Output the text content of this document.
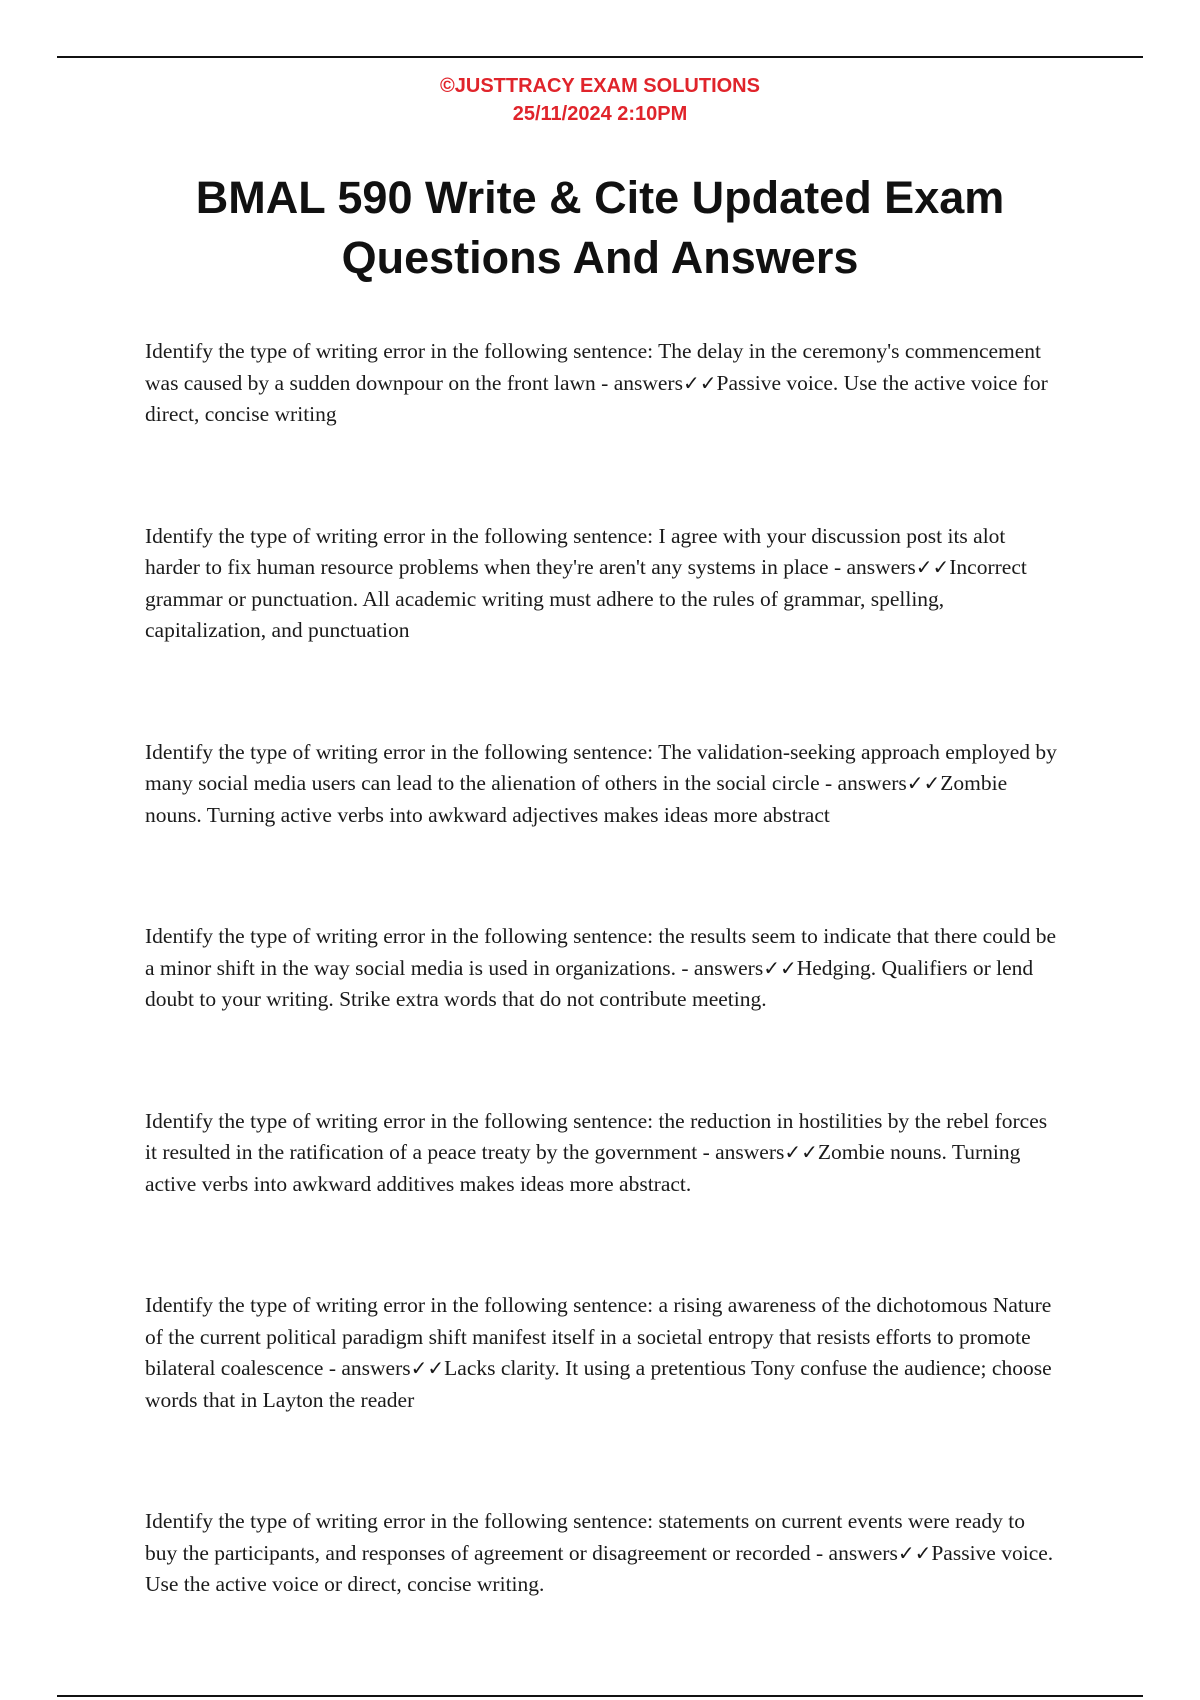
©JUSTTRACY EXAM SOLUTIONS
25/11/2024 2:10PM
BMAL 590 Write & Cite Updated Exam Questions And Answers

Identify the type of writing error in the following sentence: The delay in the ceremony's commencement was caused by a sudden downpour on the front lawn - answers✓✓Passive voice. Use the active voice for direct, concise writing

Identify the type of writing error in the following sentence: I agree with your discussion post its alot harder to fix human resource problems when they're aren't any systems in place - answers✓✓Incorrect grammar or punctuation. All academic writing must adhere to the rules of grammar, spelling, capitalization, and punctuation

Identify the type of writing error in the following sentence: The validation-seeking approach employed by many social media users can lead to the alienation of others in the social circle - answers✓✓Zombie nouns. Turning active verbs into awkward adjectives makes ideas more abstract

Identify the type of writing error in the following sentence: the results seem to indicate that there could be a minor shift in the way social media is used in organizations. - answers✓✓Hedging. Qualifiers or lend doubt to your writing. Strike extra words that do not contribute meeting.

Identify the type of writing error in the following sentence: the reduction in hostilities by the rebel forces it resulted in the ratification of a peace treaty by the government - answers✓✓Zombie nouns. Turning active verbs into awkward additives makes ideas more abstract.

Identify the type of writing error in the following sentence: a rising awareness of the dichotomous Nature of the current political paradigm shift manifest itself in a societal entropy that resists efforts to promote bilateral coalescence - answers✓✓Lacks clarity. It using a pretentious Tony confuse the audience; choose words that in Layton the reader

Identify the type of writing error in the following sentence: statements on current events were ready to buy the participants, and responses of agreement or disagreement or recorded - answers✓✓Passive voice. Use the active voice or direct, concise writing.
